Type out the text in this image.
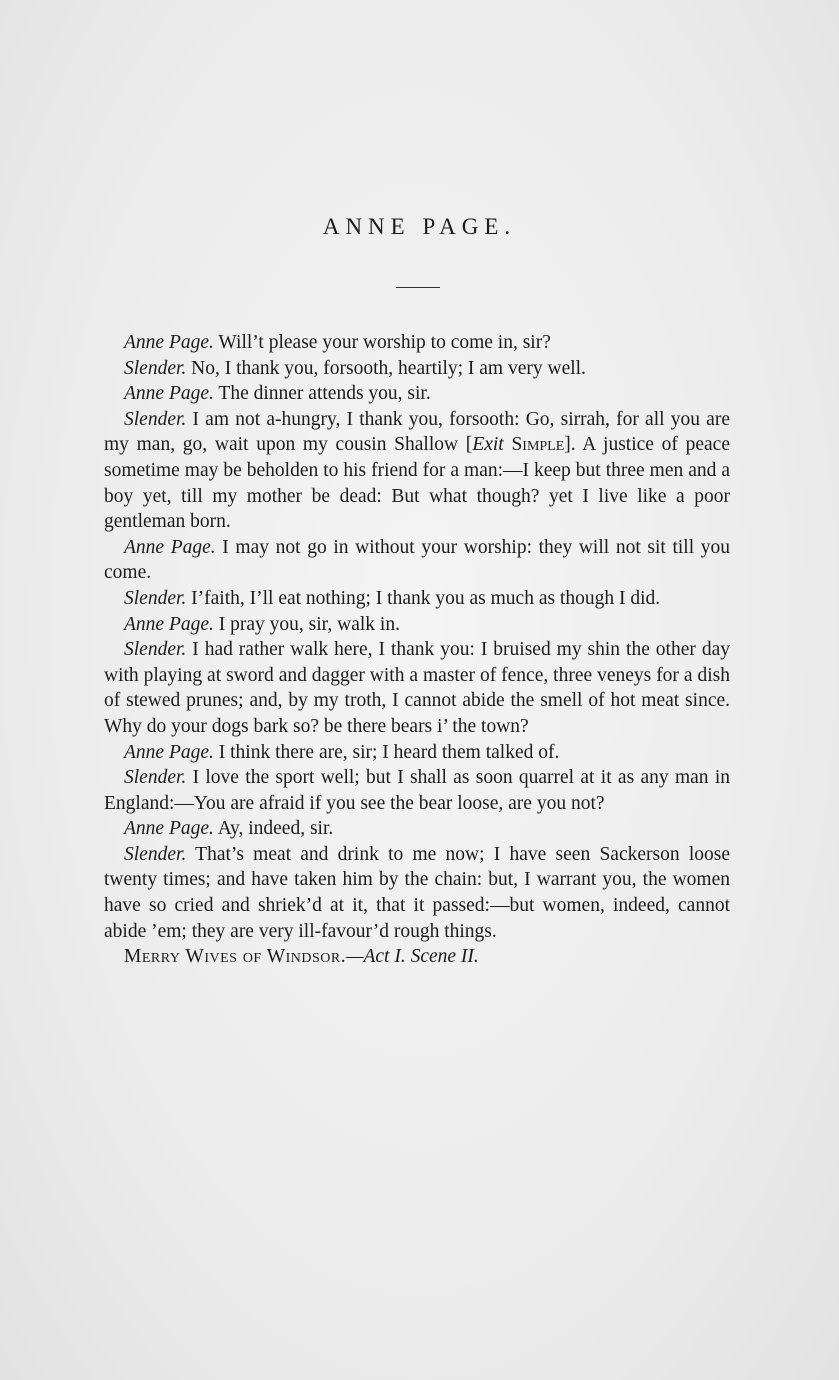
ANNE PAGE.

Anne Page. Will’t please your worship to come in, sir?

Slender. No, I thank you, forsooth, heartily; I am very well.

Anne Page. The dinner attends you, sir.

Slender. I am not a-hungry, I thank you, forsooth: Go, sirrah, for all you are my man, go, wait upon my cousin Shallow [Exit Simple]. A justice of peace sometime may be beholden to his friend for a man:—I keep but three men and a boy yet, till my mother be dead: But what though? yet I live like a poor gentleman born.

Anne Page. I may not go in without your worship: they will not sit till you come.

Slender. I’faith, I’ll eat nothing; I thank you as much as though I did.

Anne Page. I pray you, sir, walk in.

Slender. I had rather walk here, I thank you: I bruised my shin the other day with playing at sword and dagger with a master of fence, three veneys for a dish of stewed prunes; and, by my troth, I cannot abide the smell of hot meat since. Why do your dogs bark so? be there bears i’ the town?

Anne Page. I think there are, sir; I heard them talked of.

Slender. I love the sport well; but I shall as soon quarrel at it as any man in England:—You are afraid if you see the bear loose, are you not?

Anne Page. Ay, indeed, sir.

Slender. That’s meat and drink to me now; I have seen Sackerson loose twenty times; and have taken him by the chain: but, I warrant you, the women have so cried and shriek’d at it, that it passed:—but women, indeed, cannot abide ’em; they are very ill-favour’d rough things.

Merry Wives of Windsor.—Act I. Scene II.
